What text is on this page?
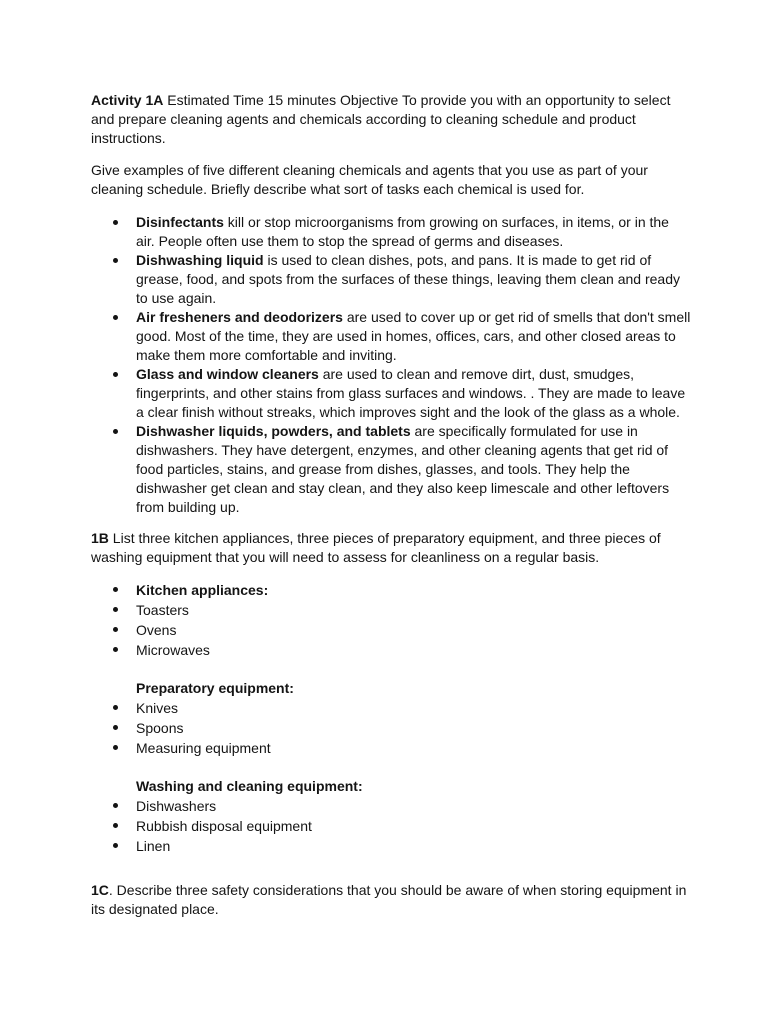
Activity 1A Estimated Time 15 minutes Objective To provide you with an opportunity to select and prepare cleaning agents and chemicals according to cleaning schedule and product instructions.

Give examples of five different cleaning chemicals and agents that you use as part of your cleaning schedule. Briefly describe what sort of tasks each chemical is used for.

Disinfectants kill or stop microorganisms from growing on surfaces, in items, or in the air. People often use them to stop the spread of germs and diseases.
Dishwashing liquid is used to clean dishes, pots, and pans. It is made to get rid of grease, food, and spots from the surfaces of these things, leaving them clean and ready to use again.
Air fresheners and deodorizers are used to cover up or get rid of smells that don't smell good. Most of the time, they are used in homes, offices, cars, and other closed areas to make them more comfortable and inviting.
Glass and window cleaners are used to clean and remove dirt, dust, smudges, fingerprints, and other stains from glass surfaces and windows. . They are made to leave a clear finish without streaks, which improves sight and the look of the glass as a whole.
Dishwasher liquids, powders, and tablets are specifically formulated for use in dishwashers. They have detergent, enzymes, and other cleaning agents that get rid of food particles, stains, and grease from dishes, glasses, and tools. They help the dishwasher get clean and stay clean, and they also keep limescale and other leftovers from building up.

1B List three kitchen appliances, three pieces of preparatory equipment, and three pieces of washing equipment that you will need to assess for cleanliness on a regular basis.

Kitchen appliances:
Toasters
Ovens
Microwaves
Preparatory equipment:
Knives
Spoons
Measuring equipment
Washing and cleaning equipment:
Dishwashers
Rubbish disposal equipment
Linen

1C. Describe three safety considerations that you should be aware of when storing equipment in its designated place.
